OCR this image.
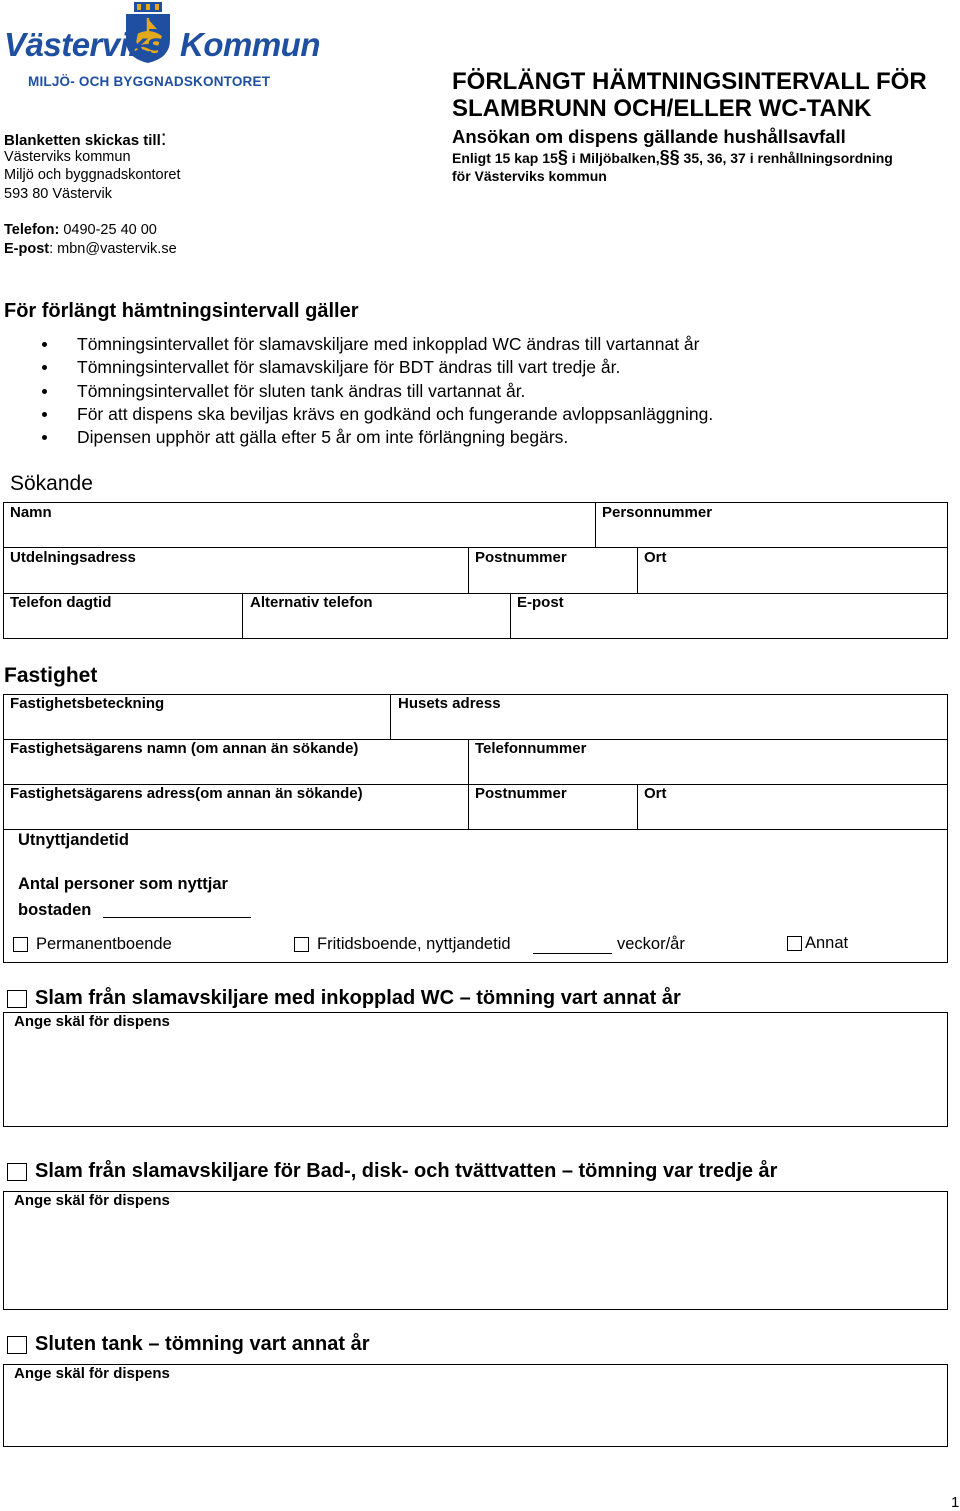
Västerviks Kommun
MILJÖ- OCH BYGGNADSKONTORET
Blanketten skickas till:
Västerviks kommun
Miljö och byggnadskontoret
593 80 Västervik
Telefon: 0490-25 40 00
E-post: mbn@vastervik.se
FÖRLÄNGT HÄMTNINGSINTERVALL FÖR
SLAMBRUNN OCH/ELLER WC-TANK
Ansökan om dispens gällande hushållsavfall
Enligt 15 kap 15§ i Miljöbalken,§§ 35, 36, 37 i renhållningsordning
för Västerviks kommun
För förlängt hämtningsintervall gäller
Tömningsintervallet för slamavskiljare med inkopplad WC ändras till vartannat år
Tömningsintervallet för slamavskiljare för BDT ändras till vart tredje år.
Tömningsintervallet för sluten tank ändras till vartannat år.
För att dispens ska beviljas krävs en godkänd och fungerande avloppsanläggning.
Dipensen upphör att gälla efter 5 år om inte förlängning begärs.
Sökande
Namn	Personnummer
Utdelningsadress	Postnummer	Ort
Telefon dagtid	Alternativ telefon	E-post
Fastighet
Fastighetsbeteckning	Husets adress
Fastighetsägarens namn (om annan än sökande)	Telefonnummer
Fastighetsägarens adress(om annan än sökande)	Postnummer	Ort
Utnyttjandetid
Antal personer som nyttjar
bostaden
Permanentboende	Fritidsboende, nyttjandetid	veckor/år	Annat
Slam från slamavskiljare med inkopplad WC – tömning vart annat år
Ange skäl för dispens
Slam från slamavskiljare för Bad-, disk- och tvättvatten – tömning var tredje år
Ange skäl för dispens
Sluten tank – tömning vart annat år
Ange skäl för dispens
1
